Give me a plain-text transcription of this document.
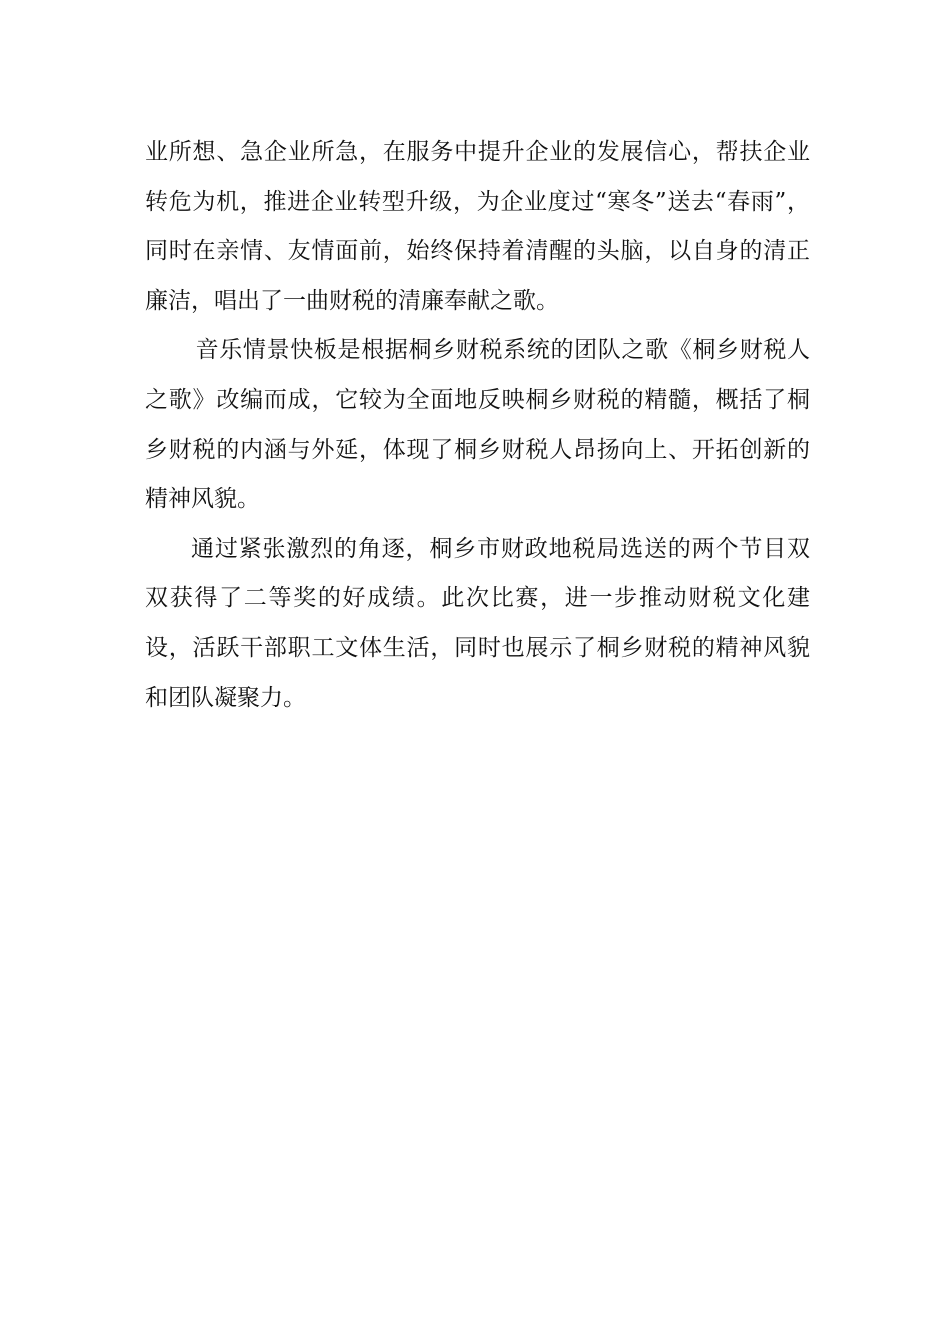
业所想、急企业所急，在服务中提升企业的发展信心，帮扶企业转危为机，推进企业转型升级，为企业度过“寒冬”送去“春雨”，同时在亲情、友情面前，始终保持着清醒的头脑，以自身的清正廉洁，唱出了一曲财税的清廉奉献之歌。

音乐情景快板是根据桐乡财税系统的团队之歌《桐乡财税人之歌》改编而成，它较为全面地反映桐乡财税的精髓，概括了桐乡财税的内涵与外延，体现了桐乡财税人昂扬向上、开拓创新的精神风貌。

通过紧张激烈的角逐，桐乡市财政地税局选送的两个节目双双获得了二等奖的好成绩。此次比赛，进一步推动财税文化建设，活跃干部职工文体生活，同时也展示了桐乡财税的精神风貌和团队凝聚力。
